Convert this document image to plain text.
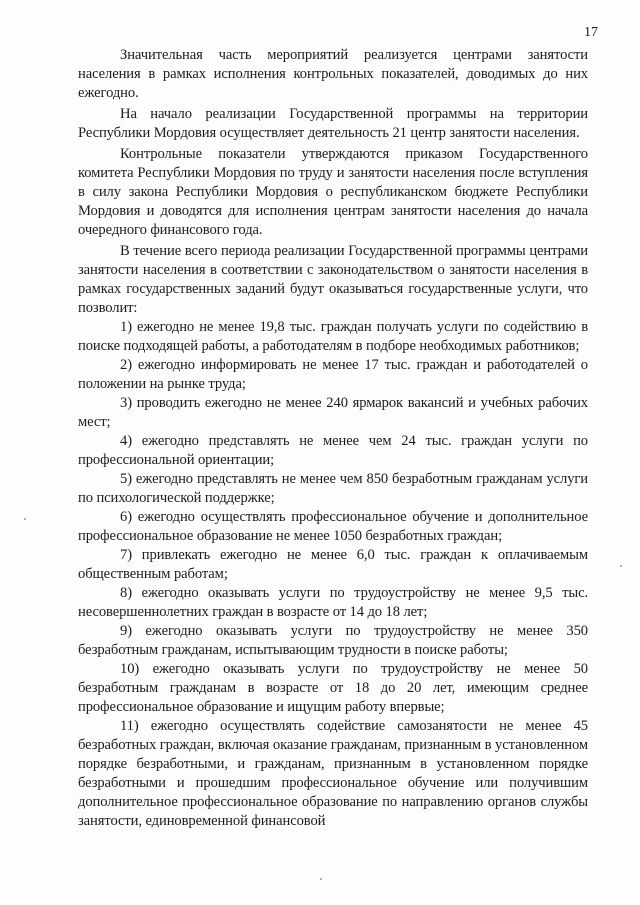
17

Значительная часть мероприятий реализуется центрами занятости населения в рамках исполнения контрольных показателей, доводимых до них ежегодно.

На начало реализации Государственной программы на территории Республики Мордовия осуществляет деятельность 21 центр занятости населения.

Контрольные показатели утверждаются приказом Государственного комитета Республики Мордовия по труду и занятости населения после вступления в силу закона Республики Мордовия о республиканском бюджете Республики Мордовия и доводятся для исполнения центрам занятости населения до начала очередного финансового года.

В течение всего периода реализации Государственной программы центрами занятости населения в соответствии с законодательством о занятости населения в рамках государственных заданий будут оказываться государственные услуги, что позволит:

1) ежегодно не менее 19,8 тыс. граждан получать услуги по содействию в поиске подходящей работы, а работодателям в подборе необходимых работников;

2) ежегодно информировать не менее 17 тыс. граждан и работодателей о положении на рынке труда;

3) проводить ежегодно не менее 240 ярмарок вакансий и учебных рабочих мест;

4) ежегодно представлять не менее чем 24 тыс. граждан услуги по профессиональной ориентации;

5) ежегодно представлять не менее чем 850 безработным гражданам услуги по психологической поддержке;

6) ежегодно осуществлять профессиональное обучение и дополнительное профессиональное образование не менее 1050 безработных граждан;

7) привлекать ежегодно не менее 6,0 тыс. граждан к оплачиваемым общественным работам;

8) ежегодно оказывать услуги по трудоустройству не менее 9,5 тыс. несовершеннолетних граждан в возрасте от 14 до 18 лет;

9) ежегодно оказывать услуги по трудоустройству не менее 350 безработным гражданам, испытывающим трудности в поиске работы;

10) ежегодно оказывать услуги по трудоустройству не менее 50 безработным гражданам в возрасте от 18 до 20 лет, имеющим среднее профессиональное образование и ищущим работу впервые;

11) ежегодно осуществлять содействие самозанятости не менее 45 безработных граждан, включая оказание гражданам, признанным в установленном порядке безработными, и гражданам, признанным в установленном порядке безработными и прошедшим профессиональное обучение или получившим дополнительное профессиональное образование по направлению органов службы занятости, единовременной финансовой
